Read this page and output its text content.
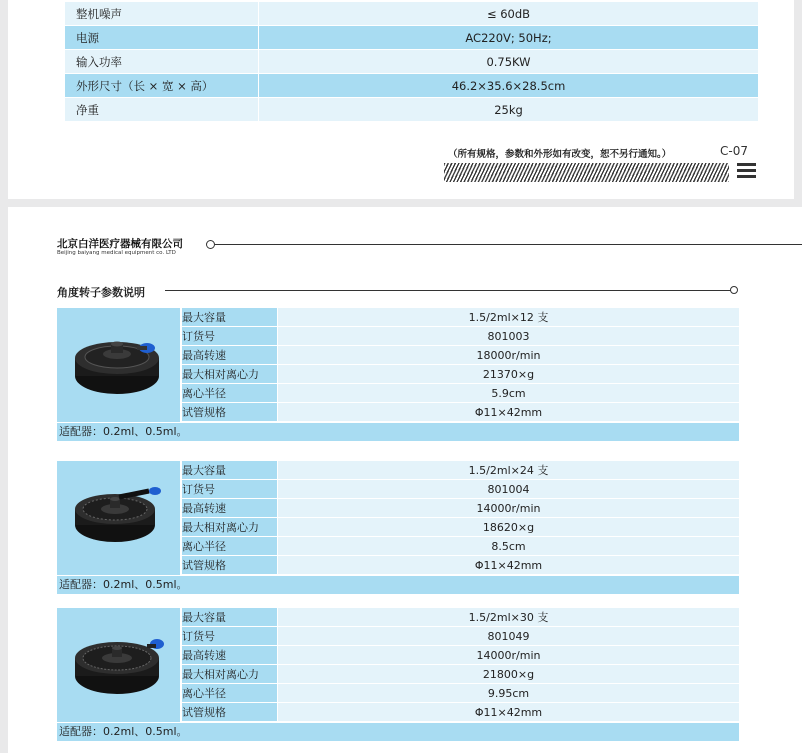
整机噪声	≤ 60dB
电源	AC220V; 50Hz;
输入功率	0.75KW
外形尺寸（长 × 宽 × 高）	46.2×35.6×28.5cm
净重	25kg
（所有规格，参数和外形如有改变，恕不另行通知。）	C-07
北京白洋医疗器械有限公司
Beijing baiyang medical equipment co. LTD
角度转子参数说明
最大容量	1.5/2ml×12 支
订货号	801003
最高转速	18000r/min
最大相对离心力	21370×g
离心半径	5.9cm
试管规格	Φ11×42mm
适配器：0.2ml、0.5ml。
最大容量	1.5/2ml×24 支
订货号	801004
最高转速	14000r/min
最大相对离心力	18620×g
离心半径	8.5cm
试管规格	Φ11×42mm
适配器：0.2ml、0.5ml。
最大容量	1.5/2ml×30 支
订货号	801049
最高转速	14000r/min
最大相对离心力	21800×g
离心半径	9.95cm
试管规格	Φ11×42mm
适配器：0.2ml、0.5ml。
